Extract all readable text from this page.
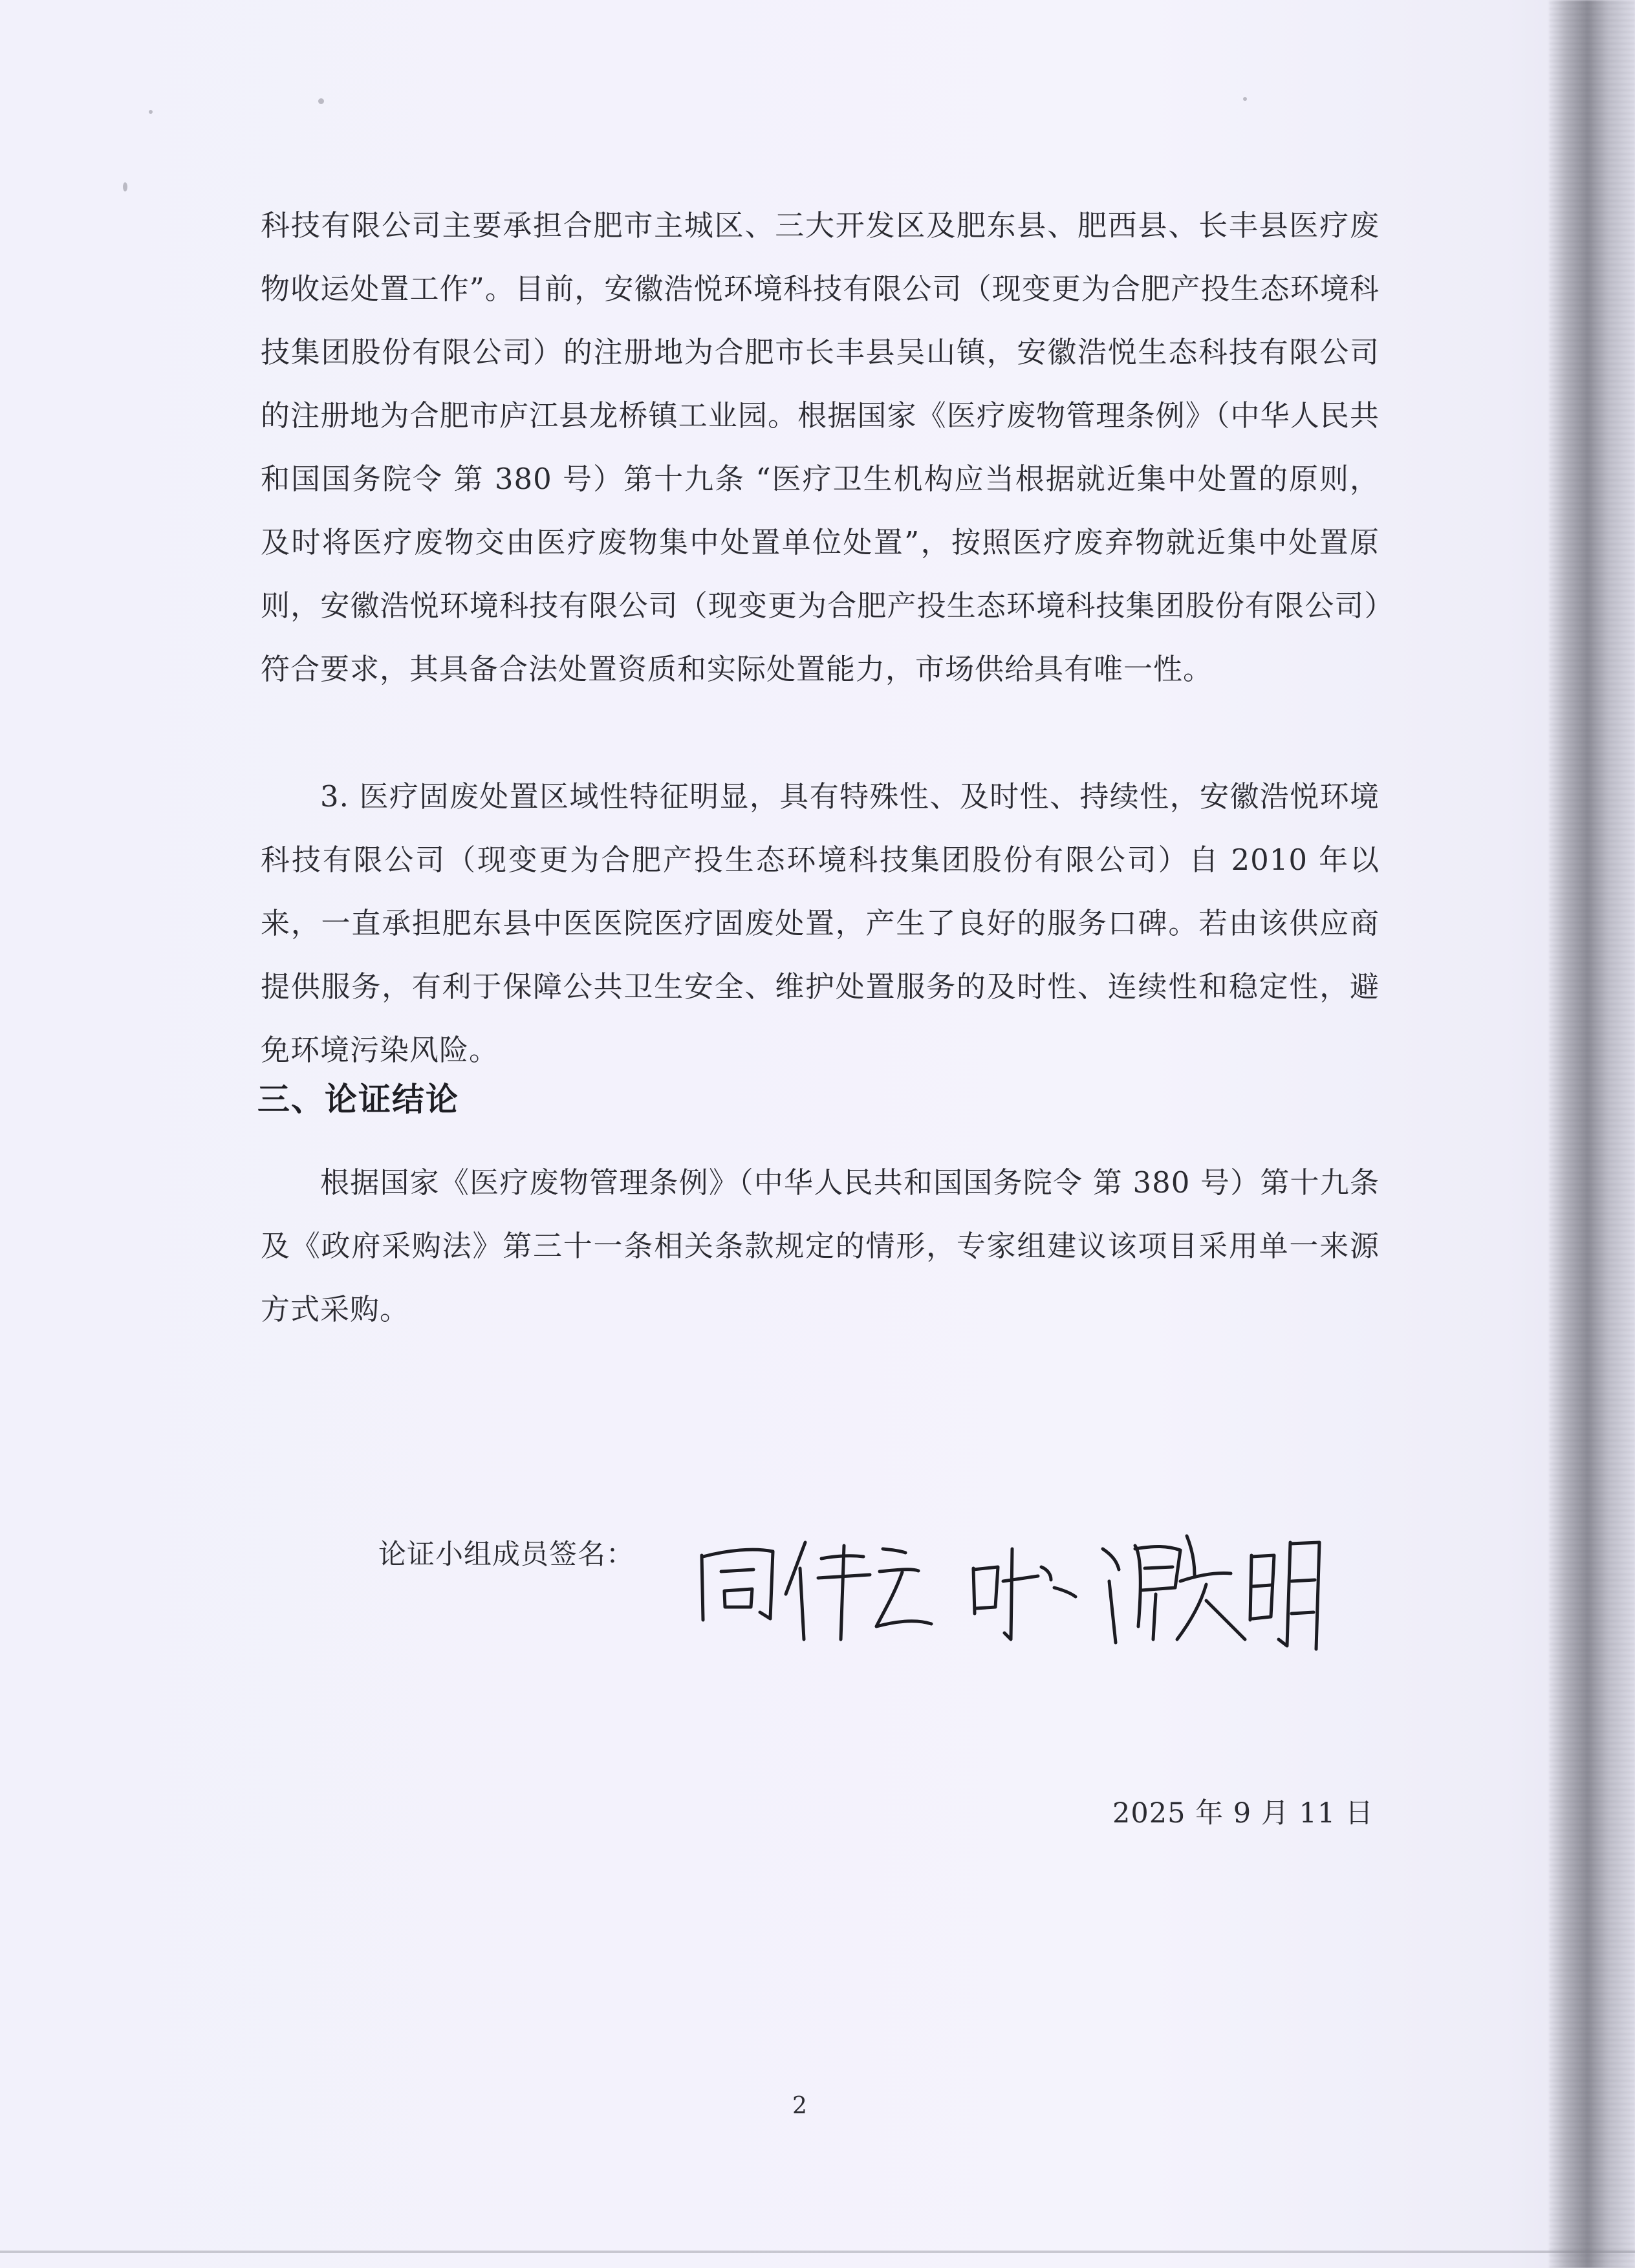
科技有限公司主要承担合肥市主城区、三大开发区及肥东县、肥西县、长丰县医疗废物收运处置工作”。目前，安徽浩悦环境科技有限公司（现变更为合肥产投生态环境科技集团股份有限公司）的注册地为合肥市长丰县吴山镇，安徽浩悦生态科技有限公司的注册地为合肥市庐江县龙桥镇工业园。根据国家《医疗废物管理条例》（中华人民共和国国务院令 第 380 号）第十九条 “医疗卫生机构应当根据就近集中处置的原则，及时将医疗废物交由医疗废物集中处置单位处置”，按照医疗废弃物就近集中处置原则，安徽浩悦环境科技有限公司（现变更为合肥产投生态环境科技集团股份有限公司）符合要求，其具备合法处置资质和实际处置能力，市场供给具有唯一性。

3. 医疗固废处置区域性特征明显，具有特殊性、及时性、持续性，安徽浩悦环境科技有限公司（现变更为合肥产投生态环境科技集团股份有限公司）自 2010 年以来，一直承担肥东县中医医院医疗固废处置，产生了良好的服务口碑。若由该供应商提供服务，有利于保障公共卫生安全、维护处置服务的及时性、连续性和稳定性，避免环境污染风险。

三、论证结论

根据国家《医疗废物管理条例》（中华人民共和国国务院令 第 380 号）第十九条及《政府采购法》第三十一条相关条款规定的情形，专家组建议该项目采用单一来源方式采购。

论证小组成员签名：

2025 年 9 月 11 日

2
